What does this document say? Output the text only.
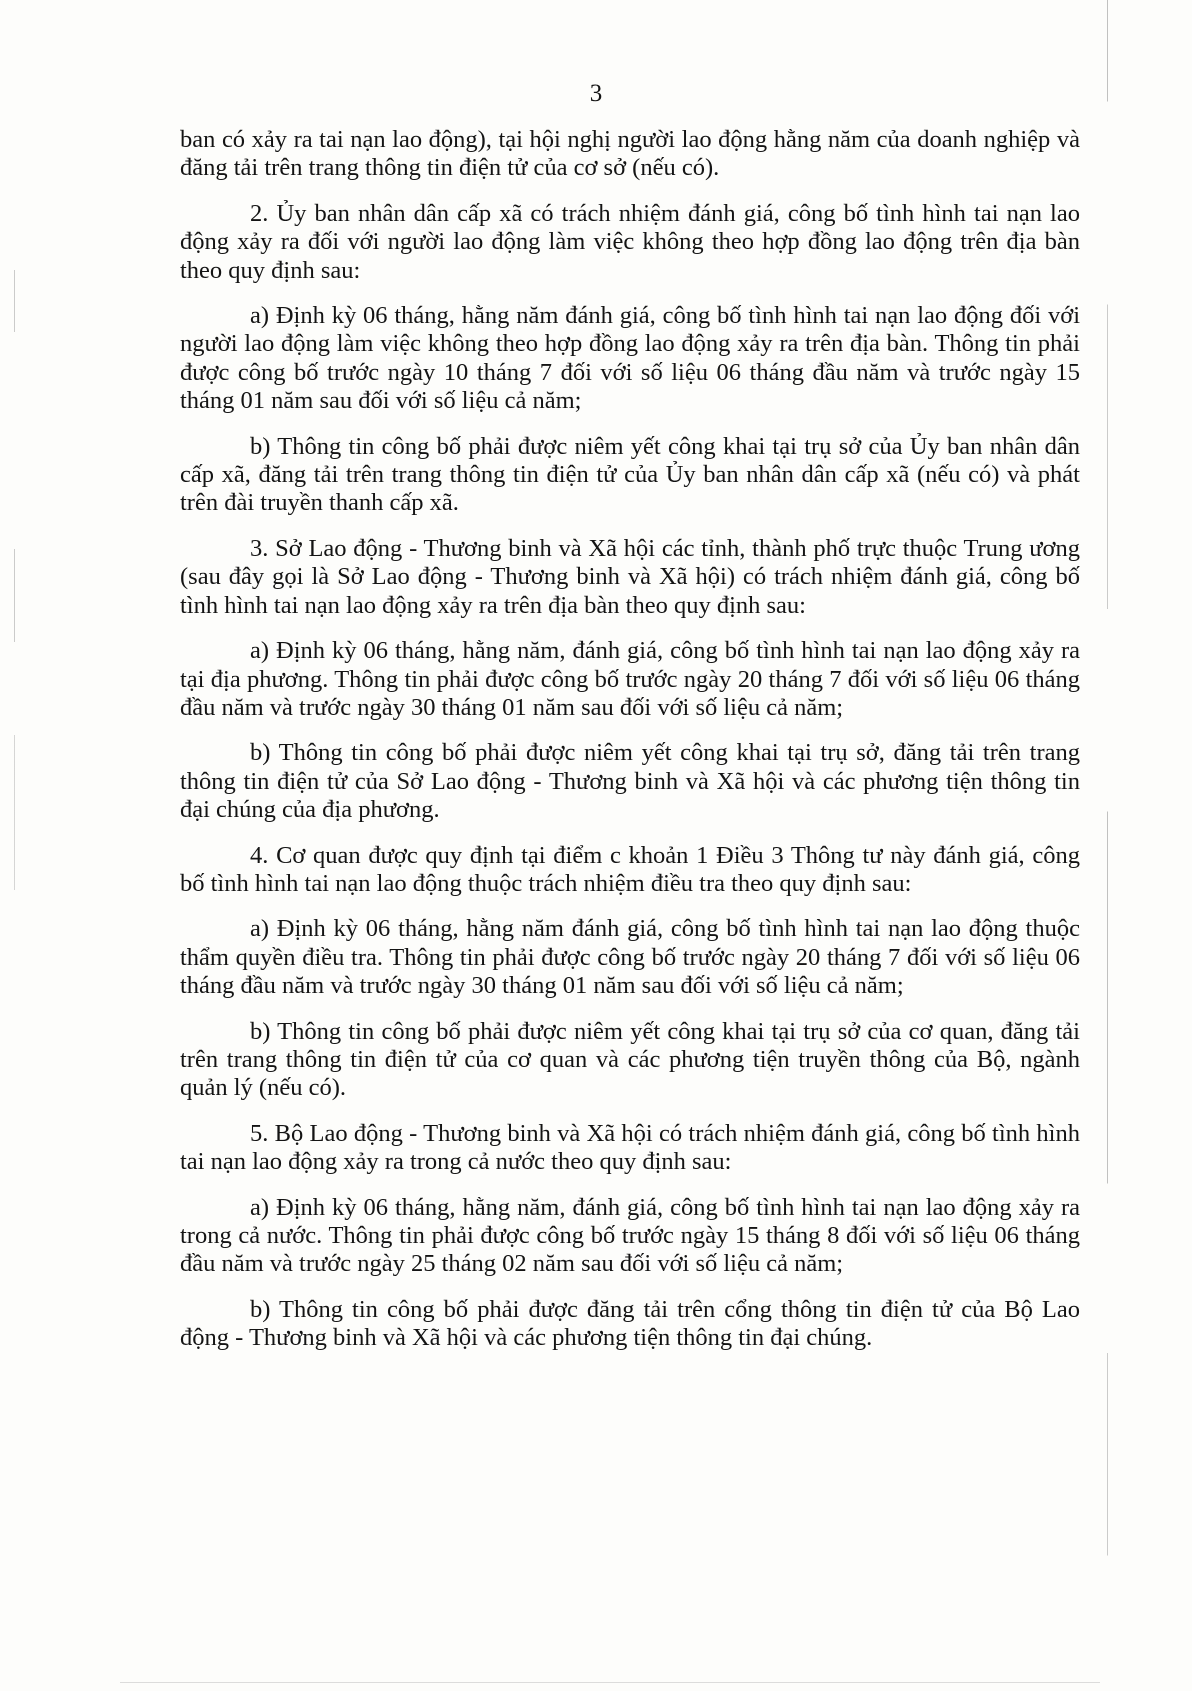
3

ban có xảy ra tai nạn lao động), tại hội nghị người lao động hằng năm của doanh nghiệp và đăng tải trên trang thông tin điện tử của cơ sở (nếu có).

2. Ủy ban nhân dân cấp xã có trách nhiệm đánh giá, công bố tình hình tai nạn lao động xảy ra đối với người lao động làm việc không theo hợp đồng lao động trên địa bàn theo quy định sau:

a) Định kỳ 06 tháng, hằng năm đánh giá, công bố tình hình tai nạn lao động đối với người lao động làm việc không theo hợp đồng lao động xảy ra trên địa bàn. Thông tin phải được công bố trước ngày 10 tháng 7 đối với số liệu 06 tháng đầu năm và trước ngày 15 tháng 01 năm sau đối với số liệu cả năm;

b) Thông tin công bố phải được niêm yết công khai tại trụ sở của Ủy ban nhân dân cấp xã, đăng tải trên trang thông tin điện tử của Ủy ban nhân dân cấp xã (nếu có) và phát trên đài truyền thanh cấp xã.

3. Sở Lao động - Thương binh và Xã hội các tỉnh, thành phố trực thuộc Trung ương (sau đây gọi là Sở Lao động - Thương binh và Xã hội) có trách nhiệm đánh giá, công bố tình hình tai nạn lao động xảy ra trên địa bàn theo quy định sau:

a) Định kỳ 06 tháng, hằng năm, đánh giá, công bố tình hình tai nạn lao động xảy ra tại địa phương. Thông tin phải được công bố trước ngày 20 tháng 7 đối với số liệu 06 tháng đầu năm và trước ngày 30 tháng 01 năm sau đối với số liệu cả năm;

b) Thông tin công bố phải được niêm yết công khai tại trụ sở, đăng tải trên trang thông tin điện tử của Sở Lao động - Thương binh và Xã hội và các phương tiện thông tin đại chúng của địa phương.

4. Cơ quan được quy định tại điểm c khoản 1 Điều 3 Thông tư này đánh giá, công bố tình hình tai nạn lao động thuộc trách nhiệm điều tra theo quy định sau:

a) Định kỳ 06 tháng, hằng năm đánh giá, công bố tình hình tai nạn lao động thuộc thẩm quyền điều tra. Thông tin phải được công bố trước ngày 20 tháng 7 đối với số liệu 06 tháng đầu năm và trước ngày 30 tháng 01 năm sau đối với số liệu cả năm;

b) Thông tin công bố phải được niêm yết công khai tại trụ sở của cơ quan, đăng tải trên trang thông tin điện tử của cơ quan và các phương tiện truyền thông của Bộ, ngành quản lý (nếu có).

5. Bộ Lao động - Thương binh và Xã hội có trách nhiệm đánh giá, công bố tình hình tai nạn lao động xảy ra trong cả nước theo quy định sau:

a) Định kỳ 06 tháng, hằng năm, đánh giá, công bố tình hình tai nạn lao động xảy ra trong cả nước. Thông tin phải được công bố trước ngày 15 tháng 8 đối với số liệu 06 tháng đầu năm và trước ngày 25 tháng 02 năm sau đối với số liệu cả năm;

b) Thông tin công bố phải được đăng tải trên cổng thông tin điện tử của Bộ Lao động - Thương binh và Xã hội và các phương tiện thông tin đại chúng.
